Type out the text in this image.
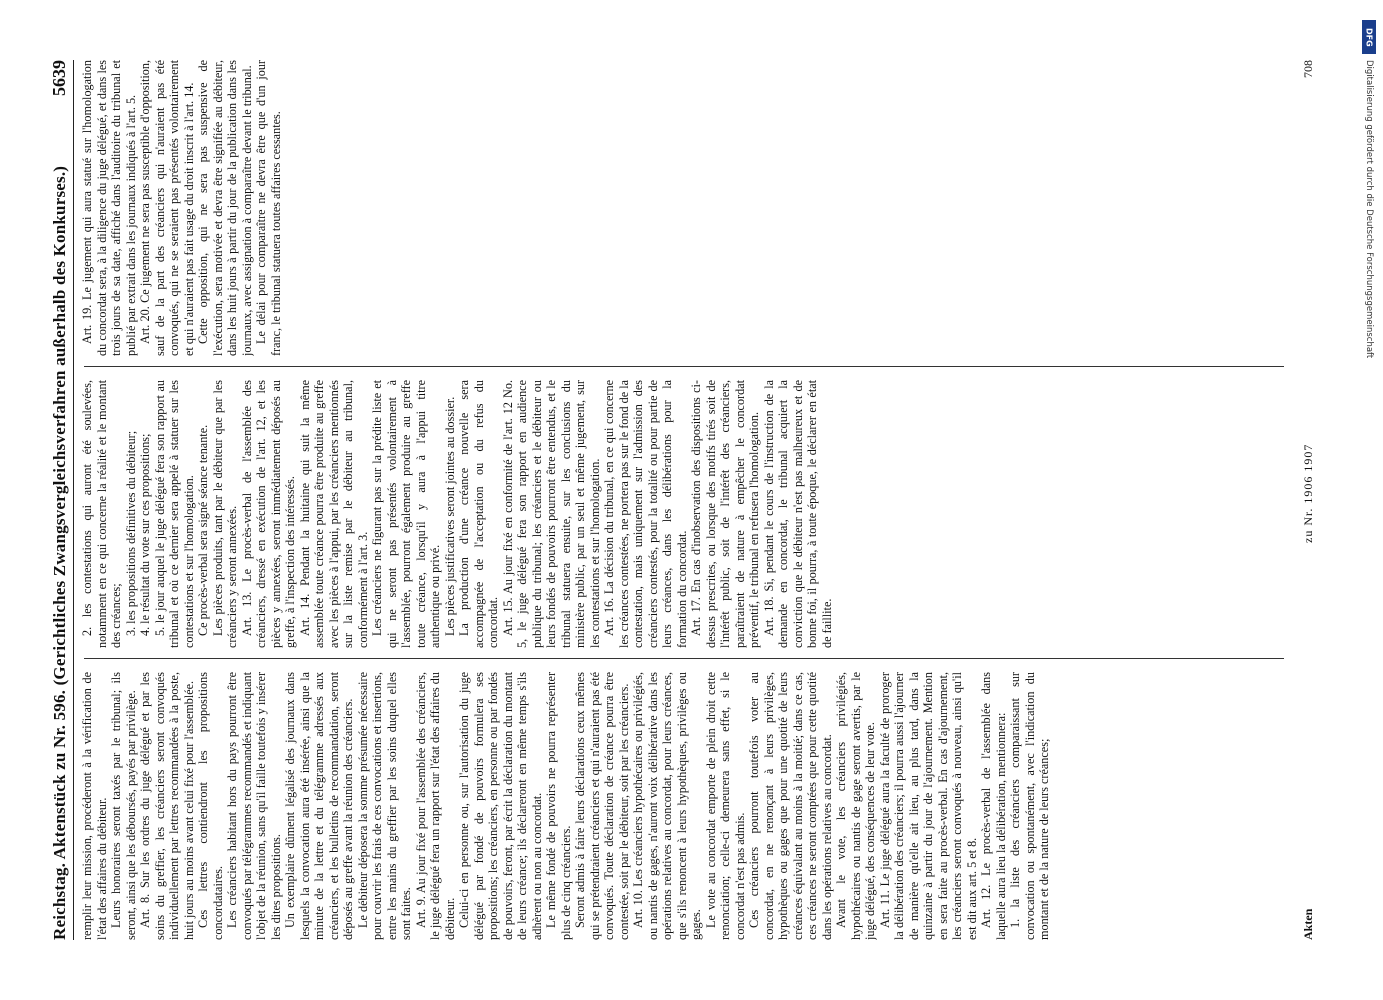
Reichstag. Aktenstück zu Nr. 596. (Gerichtliches Zwangsvergleichsverfahren außerhalb des Konkurses.)
5639

remplir leur mission, procéderont à la vérification de l'état des affaires du débiteur. Leurs honoraires seront taxés par le tribunal; ils seront, ainsi que les déboursés, payés par privilège. Art. 8. Sur les ordres du juge délégué et par les soins du greffier, les créanciers seront convoqués individuellement par lettres recommandées à la poste, huit jours au moins avant celui fixé pour l'assemblée. Ces lettres contiendront les propositions concordataires. Les créanciers habitant hors du pays pourront être convoqués par télégrammes recommandés et indiquant l'objet de la réunion, sans qu'il faille toutefois y insérer les dites propositions. Un exemplaire dûment légalisé des journaux dans lesquels la convocation aura été insérée, ainsi que la minute de la lettre et du télégramme adressés aux créanciers, et les bulletins de recommandation, seront déposés au greffe avant la réunion des créanciers. Le débiteur déposera la somme présumée nécessaire pour couvrir les frais de ces convocations et insertions, entre les mains du greffier par les soins duquel elles sont faites. Art. 9. Au jour fixé pour l'assemblée des créanciers, le juge délégué fera un rapport sur l'état des affaires du débiteur. Celui-ci en personne ou, sur l'autorisation du juge délégué par fondé de pouvoirs formulera ses propositions; les créanciers, en personne ou par fondés de pouvoirs, feront, par écrit la déclaration du montant de leurs créance; ils déclareront en même temps s'ils adhèrent ou non au concordat. Le même fondé de pouvoirs ne pourra représenter plus de cinq créanciers. Seront admis à faire leurs déclarations ceux mêmes qui se prétendraient créanciers et qui n'auraient pas été convoqués. Toute déclaration de créance pourra être contestée, soit par le débiteur, soit par les créanciers. Art. 10. Les créanciers hypothécaires ou privilégiés, ou nantis de gages, n'auront voix délibérative dans les opérations relatives au concordat, pour leurs créances, que s'ils renoncent à leurs hypothèques, privilèges ou gages. Le vote au concordat emporte de plein droit cette renonciation; celle-ci demeurera sans effet, si le concordat n'est pas admis. Ces créanciers pourront toutefois voter au concordat, en ne renonçant à leurs privilèges, hypothèques ou gages que pour une quotité de leurs créances équivalant au moins à la moitié; dans ce cas, ces créances ne seront comptées que pour cette quotité dans les opérations relatives au concordat. Avant le vote, les créanciers privilégiés, hypothécaires ou nantis de gage seront avertis, par le juge délégué, des conséquences de leur vote. Art. 11. Le juge délégué aura la faculté de proroger la délibération des créanciers; il pourra aussi l'ajourner de manière qu'elle ait lieu, au plus tard, dans la quinzaine à partir du jour de l'ajournement. Mention en sera faite au procès-verbal. En cas d'ajournement, les créanciers seront convoqués à nouveau, ainsi qu'il est dit aux art. 5 et 8. Art. 12. Le procès-verbal de l'assemblée dans laquelle aura lieu la délibération, mentionnera: 1. la liste des créanciers comparaissant sur convocation ou spontanément, avec l'indication du montant et de la nature de leurs créances;

2. les contestations qui auront été soulevées, notamment en ce qui concerne la réalité et le montant des créances; 3. les propositions définitives du débiteur; 4. le résultat du vote sur ces propositions; 5. le jour auquel le juge délégué fera son rapport au tribunal et où ce dernier sera appelé à statuer sur les contestations et sur l'homologation. Ce procès-verbal sera signé séance tenante. Les pièces produits, tant par le débiteur que par les créanciers y seront annexées. Art. 13. Le procès-verbal de l'assemblée des créanciers, dressé en exécution de l'art. 12, et les pièces y annexées, seront immédiatement déposés au greffe, à l'inspection des intéressés. Art. 14. Pendant la huitaine qui suit la même assemblée toute créance pourra être produite au greffe avec les pièces à l'appui, par les créanciers mentionnés sur la liste remise par le débiteur au tribunal, conformément à l'art. 3. Les créanciers ne figurant pas sur la prédite liste et qui ne seront pas présentés volontairement à l'assemblée, pourront également produire au greffe toute créance, lorsqu'il y aura à l'appui titre authentique ou privé. Les pièces justificatives seront jointes au dossier. La production d'une créance nouvelle sera accompagnée de l'acceptation ou du refus du concordat. Art. 15. Au jour fixé en conformité de l'art. 12 No. 5, le juge délégué fera son rapport en audience publique du tribunal; les créanciers et le débiteur ou leurs fondés de pouvoirs pourront être entendus, et le tribunal statuera ensuite, sur les conclusions du ministère public, par un seul et même jugement, sur les contestations et sur l'homologation. Art. 16. La décision du tribunal, en ce qui concerne les créances contestées, ne portera pas sur le fond de la contestation, mais uniquement sur l'admission des créanciers contestés, pour la totalité ou pour partie de leurs créances, dans les délibérations pour la formation du concordat. Art. 17. En cas d'inobservation des dispositions ci-dessus prescrites, ou lorsque des motifs tirés soit de l'intérêt public, soit de l'intérêt des créanciers, paraîtraient de nature à empêcher le concordat préventif, le tribunal en refusera l'homologation. Art. 18. Si, pendant le cours de l'instruction de la demande en concordat, le tribunal acquiert la conviction que le débiteur n'est pas malheureux et de bonne foi, il pourra, à toute époque, le déclarer en état de faillite.

Art. 19. Le jugement qui aura statué sur l'homologation du concordat sera, à la diligence du juge délégué, et dans les trois jours de sa date, affiché dans l'auditoire du tribunal et publié par extrait dans les journaux indiqués à l'art. 5. Art. 20. Ce jugement ne sera pas susceptible d'opposition, sauf de la part des créanciers qui n'auraient pas été convoqués, qui ne se seraient pas présentés volontairement et qui n'auraient pas fait usage du droit inscrit à l'art. 14. Cette opposition, qui ne sera pas suspensive de l'exécution, sera motivée et devra être signifiée au débiteur, dans les huit jours à partir du jour de la publication dans les journaux, avec assignation à comparaître devant le tribunal. Le délai pour comparaître ne devra être que d'un jour franc, le tribunal statuera toutes affaires cessantes.

Akten
zu Nr. 1906 1907
708
DFG
Digitalisierung gefördert durch die Deutsche Forschungsgemeinschaft
